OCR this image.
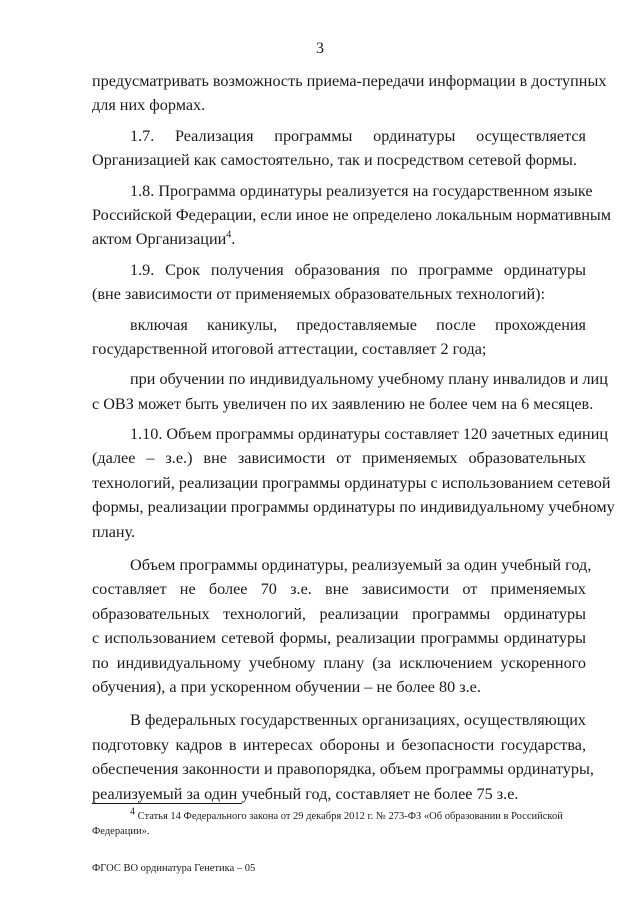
3
предусматривать возможность приема-передачи информации в доступных
для них формах.
1.7. Реализация программы ординатуры осуществляется
Организацией как самостоятельно, так и посредством сетевой формы.
1.8. Программа ординатуры реализуется на государственном языке
Российской Федерации, если иное не определено локальным нормативным
актом Организации$^4$.
1.9. Срок получения образования по программе ординатуры
(вне зависимости от применяемых образовательных технологий):
включая каникулы, предоставляемые после прохождения
государственной итоговой аттестации, составляет 2 года;
при обучении по индивидуальному учебному плану инвалидов и лиц
с ОВЗ может быть увеличен по их заявлению не более чем на 6 месяцев.
1.10. Объем программы ординатуры составляет 120 зачетных единиц
(далее – з.е.) вне зависимости от применяемых образовательных
технологий, реализации программы ординатуры с использованием сетевой
формы, реализации программы ординатуры по индивидуальному учебному
плану.
Объем программы ординатуры, реализуемый за один учебный год,
составляет не более 70 з.е. вне зависимости от применяемых
образовательных технологий, реализации программы ординатуры
с использованием сетевой формы, реализации программы ординатуры
по индивидуальному учебному плану (за исключением ускоренного
обучения), а при ускоренном обучении – не более 80 з.е.
В федеральных государственных организациях, осуществляющих
подготовку кадров в интересах обороны и безопасности государства,
обеспечения законности и правопорядка, объем программы ординатуры,
реализуемый за один учебный год, составляет не более 75 з.е.
$^4$ Статья 14 Федерального закона от 29 декабря 2012 г. № 273-ФЗ «Об образовании в Российской
Федерации».
ФГОС ВО ординатура Генетика – 05
